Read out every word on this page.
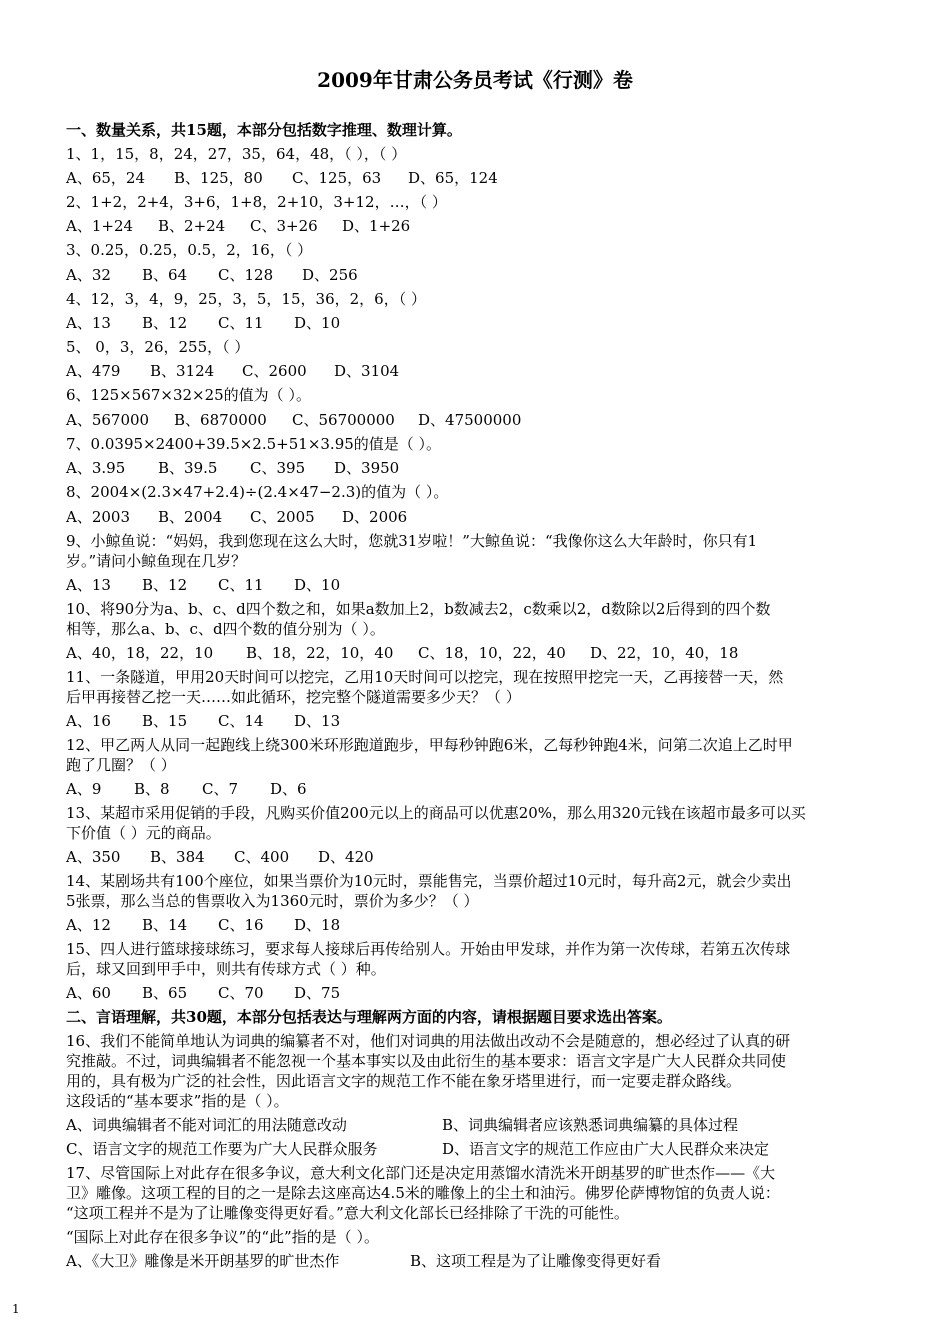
2009年甘肃公务员考试《行测》卷
一、数量关系，共15题，本部分包括数字推理、数理计算。
1、1，15，8，24，27，35，64，48，（ ），（ ）
A、65，24 B、125，80 C、125，63 D、65，124
2、1+2，2+4，3+6，1+8，2+10，3+12，…，（ ）
A、1+24 B、2+24 C、3+26 D、1+26
3、0.25，0.25，0.5，2，16，（ ）
A、32 B、64 C、128 D、256
4、12，3，4，9，25，3，5，15，36，2，6，（ ）
A、13 B、12 C、11 D、10
5、 0，3，26，255，（ ）
A、479 B、3124 C、2600 D、3104
6、125×567×32×25的值为（ ）。
A、567000 B、6870000 C、56700000 D、47500000
7、0.0395×2400+39.5×2.5+51×3.95的值是（ ）。
A、3.95 B、39.5 C、395 D、3950
8、2004×(2.3×47+2.4)÷(2.4×47−2.3)的值为（ ）。
A、2003 B、2004 C、2005 D、2006
9、小鲸鱼说：“妈妈，我到您现在这么大时，您就31岁啦！”大鲸鱼说：“我像你这么大年龄时，你只有1
岁。”请问小鲸鱼现在几岁？
A、13 B、12 C、11 D、10
10、将90分为a、b、c、d四个数之和，如果a数加上2，b数减去2，c数乘以2，d数除以2后得到的四个数
相等，那么a、b、c、d四个数的值分别为（ ）。
A、40，18，22，10 B、18，22，10，40 C、18，10，22，40 D、22，10，40，18
11、一条隧道，甲用20天时间可以挖完，乙用10天时间可以挖完，现在按照甲挖完一天，乙再接替一天，然
后甲再接替乙挖一天……如此循环，挖完整个隧道需要多少天？（ ）
A、16 B、15 C、14 D、13
12、甲乙两人从同一起跑线上绕300米环形跑道跑步，甲每秒钟跑6米，乙每秒钟跑4米，问第二次追上乙时甲
跑了几圈？（ ）
A、9 B、8 C、7 D、6
13、某超市采用促销的手段，凡购买价值200元以上的商品可以优惠20%，那么用320元钱在该超市最多可以买
下价值（ ）元的商品。
A、350 B、384 C、400 D、420
14、某剧场共有100个座位，如果当票价为10元时，票能售完，当票价超过10元时，每升高2元，就会少卖出
5张票，那么当总的售票收入为1360元时，票价为多少？（ ）
A、12 B、14 C、16 D、18
15、四人进行篮球接球练习，要求每人接球后再传给别人。开始由甲发球，并作为第一次传球，若第五次传球
后，球又回到甲手中，则共有传球方式（ ）种。
A、60 B、65 C、70 D、75
二、言语理解，共30题，本部分包括表达与理解两方面的内容，请根据题目要求选出答案。
16、我们不能简单地认为词典的编纂者不对，他们对词典的用法做出改动不会是随意的，想必经过了认真的研
究推敲。不过，词典编辑者不能忽视一个基本事实以及由此衍生的基本要求：语言文字是广大人民群众共同使
用的，具有极为广泛的社会性，因此语言文字的规范工作不能在象牙塔里进行，而一定要走群众路线。
这段话的“基本要求”指的是（ ）。
A、词典编辑者不能对词汇的用法随意改动	B、词典编辑者应该熟悉词典编纂的具体过程
C、语言文字的规范工作要为广大人民群众服务	D、语言文字的规范工作应由广大人民群众来决定
17、尽管国际上对此存在很多争议，意大利文化部门还是决定用蒸馏水清洗米开朗基罗的旷世杰作——《大
卫》雕像。这项工程的目的之一是除去这座高达4.5米的雕像上的尘土和油污。佛罗伦萨博物馆的负责人说：
“这项工程并不是为了让雕像变得更好看。”意大利文化部长已经排除了干洗的可能性。
“国际上对此存在很多争议”的“此”指的是（ ）。
A、《大卫》雕像是米开朗基罗的旷世杰作	B、这项工程是为了让雕像变得更好看
1
